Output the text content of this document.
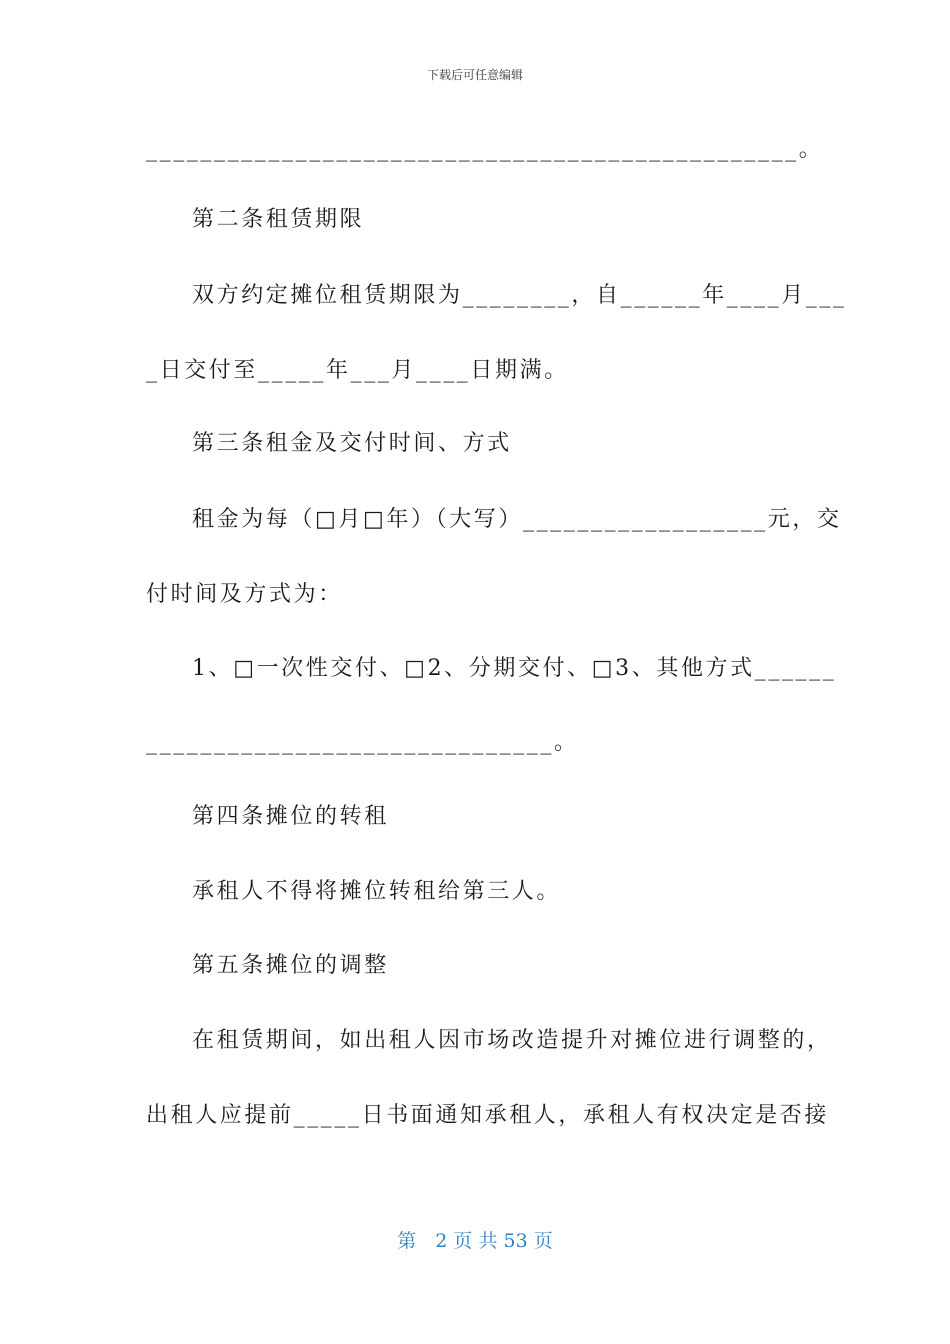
下载后可任意编辑
________________________________________________。
第二条租赁期限
双方约定摊位租赁期限为________，自______年____月___
_日交付至_____年___月____日期满。
第三条租金及交付时间、方式
租金为每（□月□年）（大写）__________________元，交
付时间及方式为：
1、□一次性交付、□2、分期交付、□3、其他方式______
______________________________。
第四条摊位的转租
承租人不得将摊位转租给第三人。
第五条摊位的调整
在租赁期间，如出租人因市场改造提升对摊位进行调整的，
出租人应提前_____日书面通知承租人，承租人有权决定是否接
第　2 页 共 53 页
